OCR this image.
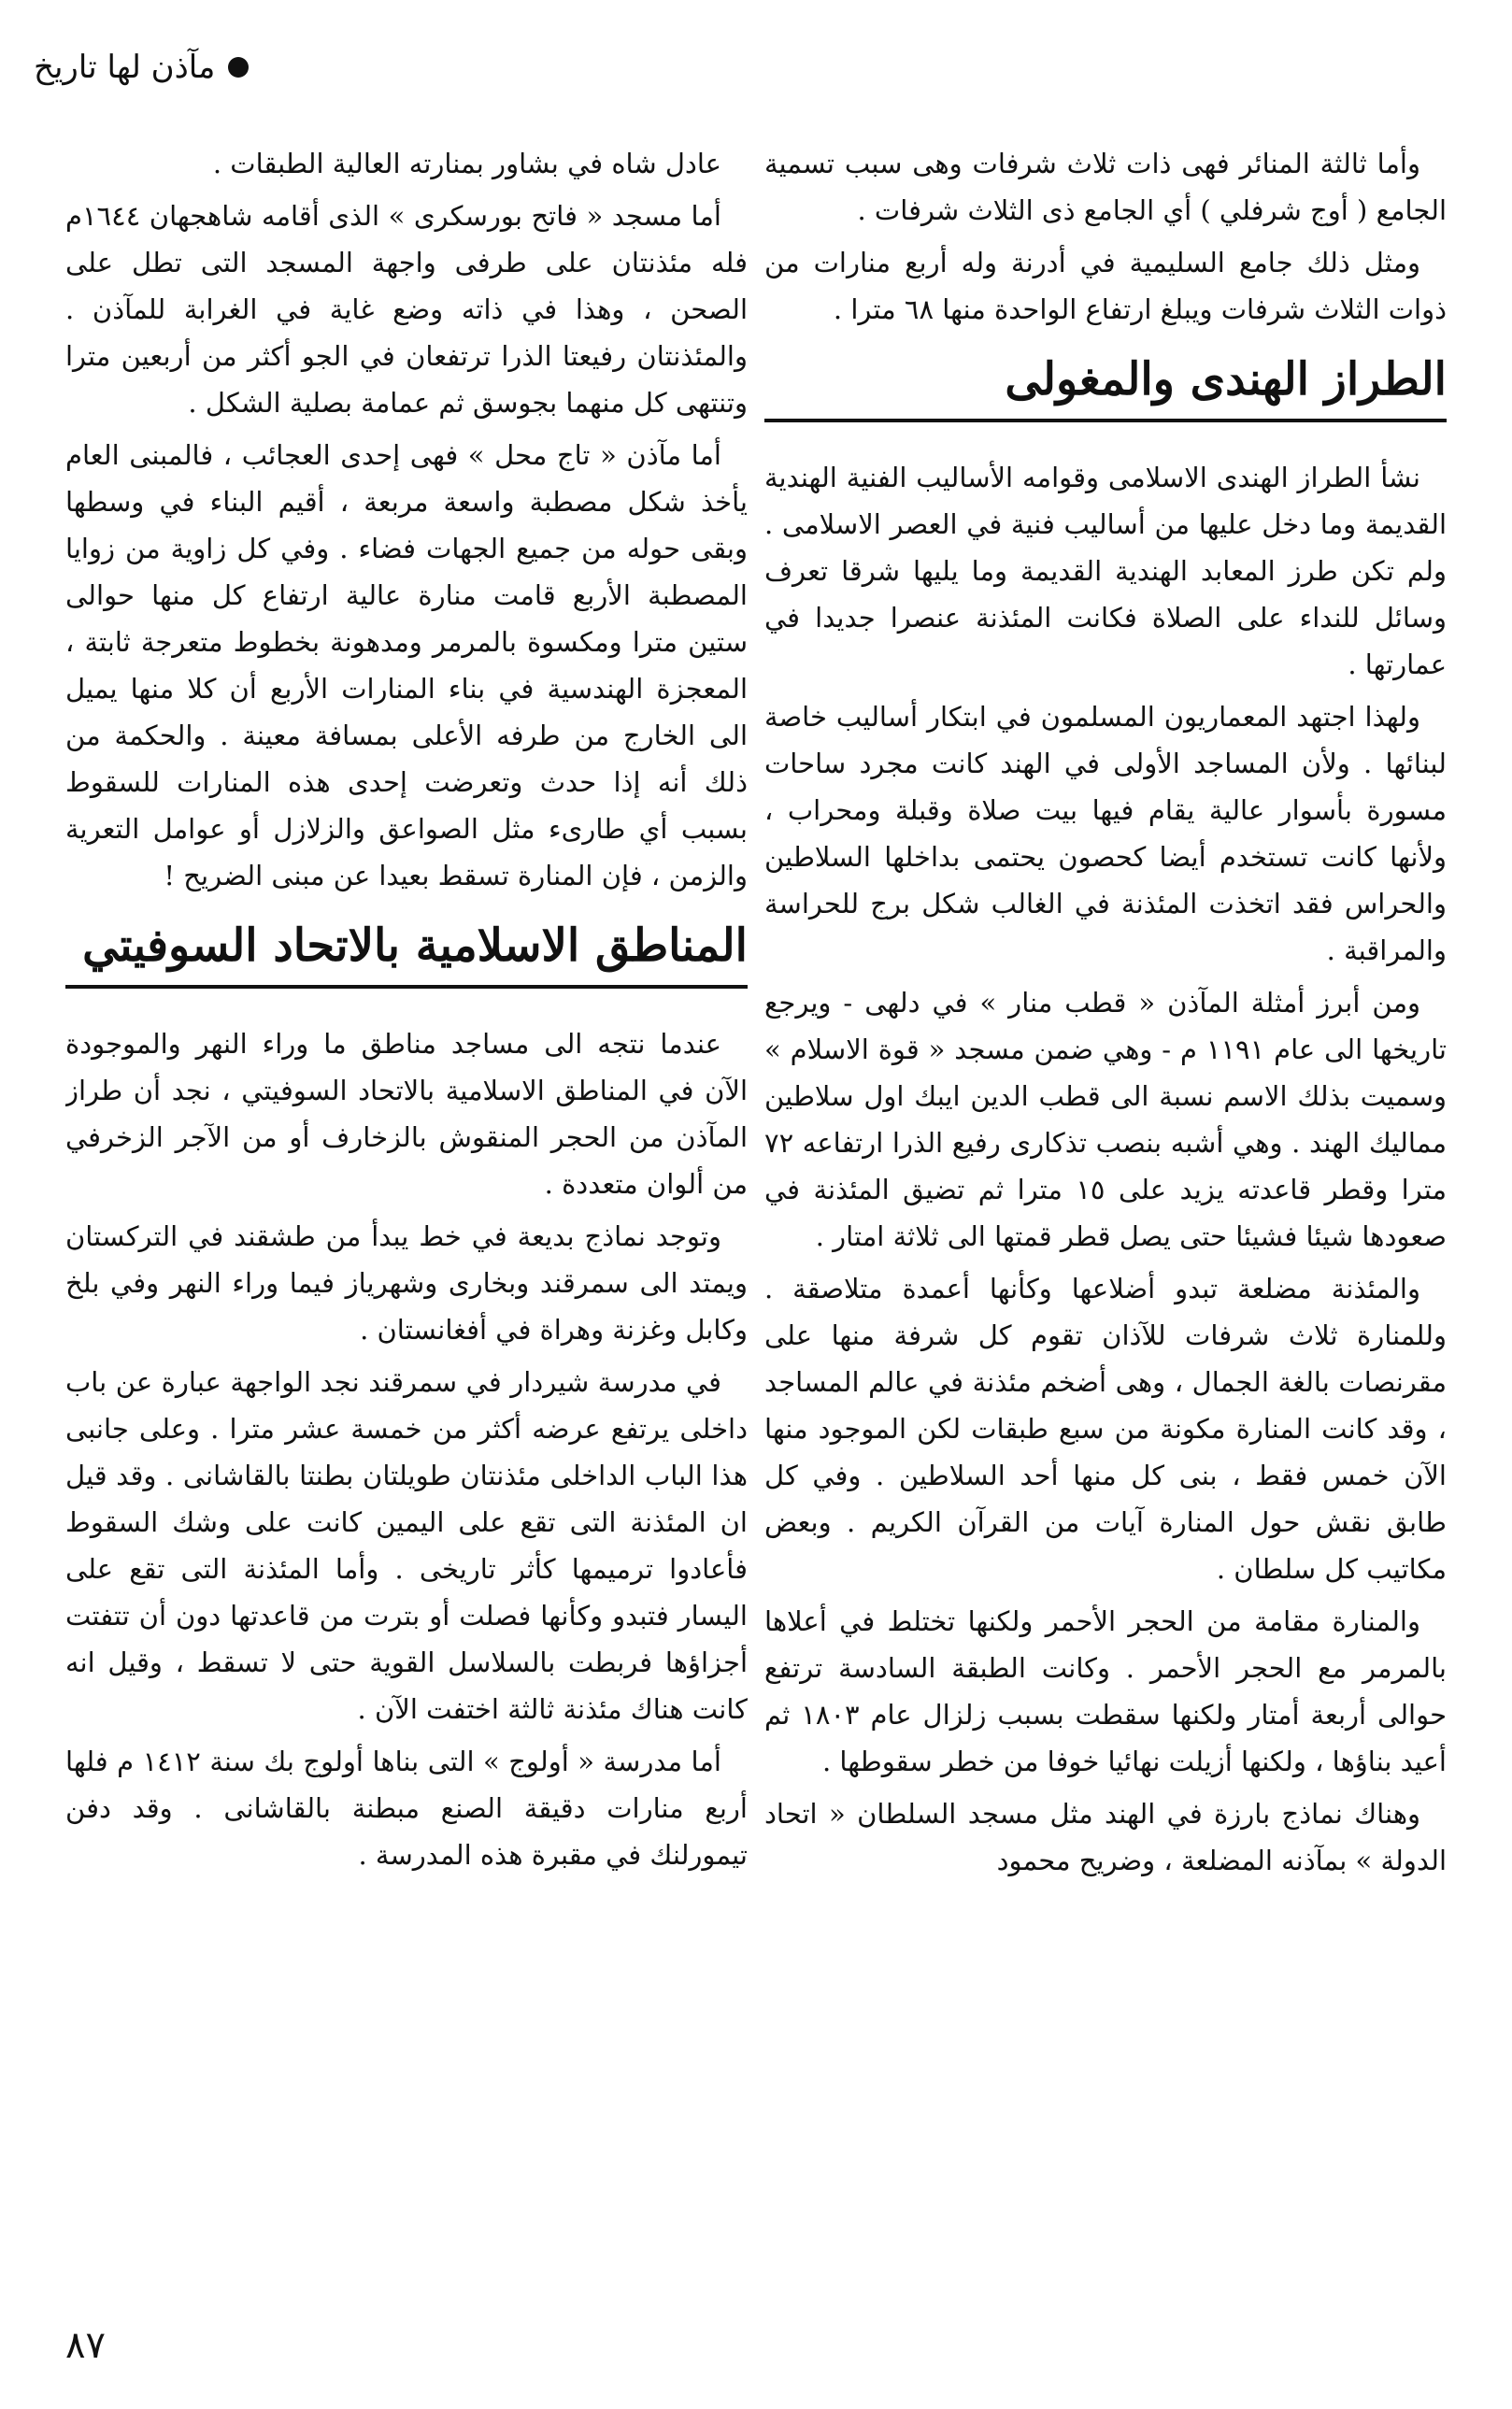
مآذن لها تاريخ

وأما ثالثة المنائر فهى ذات ثلاث شرفات وهى سبب تسمية الجامع ( أوج شرفلي ) أي الجامع ذى الثلاث شرفات .

ومثل ذلك جامع السليمية في أدرنة وله أربع منارات من ذوات الثلاث شرفات ويبلغ ارتفاع الواحدة منها ٦٨ مترا .

الطراز الهندى والمغولى

نشأ الطراز الهندى الاسلامى وقوامه الأساليب الفنية الهندية القديمة وما دخل عليها من أساليب فنية في العصر الاسلامى . ولم تكن طرز المعابد الهندية القديمة وما يليها شرقا تعرف وسائل للنداء على الصلاة فكانت المئذنة عنصرا جديدا في عمارتها .

ولهذا اجتهد المعماريون المسلمون في ابتكار أساليب خاصة لبنائها . ولأن المساجد الأولى في الهند كانت مجرد ساحات مسورة بأسوار عالية يقام فيها بيت صلاة وقبلة ومحراب ، ولأنها كانت تستخدم أيضا كحصون يحتمى بداخلها السلاطين والحراس فقد اتخذت المئذنة في الغالب شكل برج للحراسة والمراقبة .

ومن أبرز أمثلة المآذن « قطب منار » في دلهى - ويرجع تاريخها الى عام ١١٩١ م - وهي ضمن مسجد « قوة الاسلام » وسميت بذلك الاسم نسبة الى قطب الدين ايبك اول سلاطين مماليك الهند . وهي أشبه بنصب تذكارى رفيع الذرا ارتفاعه ٧٢ مترا وقطر قاعدته يزيد على ١٥ مترا ثم تضيق المئذنة في صعودها شيئا فشيئا حتى يصل قطر قمتها الى ثلاثة امتار .

والمئذنة مضلعة تبدو أضلاعها وكأنها أعمدة متلاصقة . وللمنارة ثلاث شرفات للآذان تقوم كل شرفة منها على مقرنصات بالغة الجمال ، وهى أضخم مئذنة في عالم المساجد ، وقد كانت المنارة مكونة من سبع طبقات لكن الموجود منها الآن خمس فقط ، بنى كل منها أحد السلاطين . وفي كل طابق نقش حول المنارة آيات من القرآن الكريم . وبعض مكاتيب كل سلطان .

والمنارة مقامة من الحجر الأحمر ولكنها تختلط في أعلاها بالمرمر مع الحجر الأحمر . وكانت الطبقة السادسة ترتفع حوالى أربعة أمتار ولكنها سقطت بسبب زلزال عام ١٨٠٣ ثم أعيد بناؤها ، ولكنها أزيلت نهائيا خوفا من خطر سقوطها .

وهناك نماذج بارزة في الهند مثل مسجد السلطان « اتحاد الدولة » بمآذنه المضلعة ، وضريح محمود

عادل شاه في بشاور بمنارته العالية الطبقات .

أما مسجد « فاتح بورسكرى » الذى أقامه شاهجهان ١٦٤٤م فله مئذنتان على طرفى واجهة المسجد التى تطل على الصحن ، وهذا في ذاته وضع غاية في الغرابة للمآذن . والمئذنتان رفيعتا الذرا ترتفعان في الجو أكثر من أربعين مترا وتنتهى كل منهما بجوسق ثم عمامة بصلية الشكل .

أما مآذن « تاج محل » فهى إحدى العجائب ، فالمبنى العام يأخذ شكل مصطبة واسعة مربعة ، أقيم البناء في وسطها وبقى حوله من جميع الجهات فضاء . وفي كل زاوية من زوايا المصطبة الأربع قامت منارة عالية ارتفاع كل منها حوالى ستين مترا ومكسوة بالمرمر ومدهونة بخطوط متعرجة ثابتة ، المعجزة الهندسية في بناء المنارات الأربع أن كلا منها يميل الى الخارج من طرفه الأعلى بمسافة معينة . والحكمة من ذلك أنه إذا حدث وتعرضت إحدى هذه المنارات للسقوط بسبب أي طارىء مثل الصواعق والزلازل أو عوامل التعرية والزمن ، فإن المنارة تسقط بعيدا عن مبنى الضريح !

المناطق الاسلامية بالاتحاد السوفيتي

عندما نتجه الى مساجد مناطق ما وراء النهر والموجودة الآن في المناطق الاسلامية بالاتحاد السوفيتي ، نجد أن طراز المآذن من الحجر المنقوش بالزخارف أو من الآجر الزخرفي من ألوان متعددة .

وتوجد نماذج بديعة في خط يبدأ من طشقند في التركستان ويمتد الى سمرقند وبخارى وشهرياز فيما وراء النهر وفي بلخ وكابل وغزنة وهراة في أفغانستان .

في مدرسة شيردار في سمرقند نجد الواجهة عبارة عن باب داخلى يرتفع عرضه أكثر من خمسة عشر مترا . وعلى جانبى هذا الباب الداخلى مئذنتان طويلتان بطنتا بالقاشانى . وقد قيل ان المئذنة التى تقع على اليمين كانت على وشك السقوط فأعادوا ترميمها كأثر تاريخى . وأما المئذنة التى تقع على اليسار فتبدو وكأنها فصلت أو بترت من قاعدتها دون أن تتفتت أجزاؤها فربطت بالسلاسل القوية حتى لا تسقط ، وقيل انه كانت هناك مئذنة ثالثة اختفت الآن .

أما مدرسة « أولوج » التى بناها أولوج بك سنة ١٤١٢ م فلها أربع منارات دقيقة الصنع مبطنة بالقاشانى . وقد دفن تيمورلنك في مقبرة هذه المدرسة .

٨٧
